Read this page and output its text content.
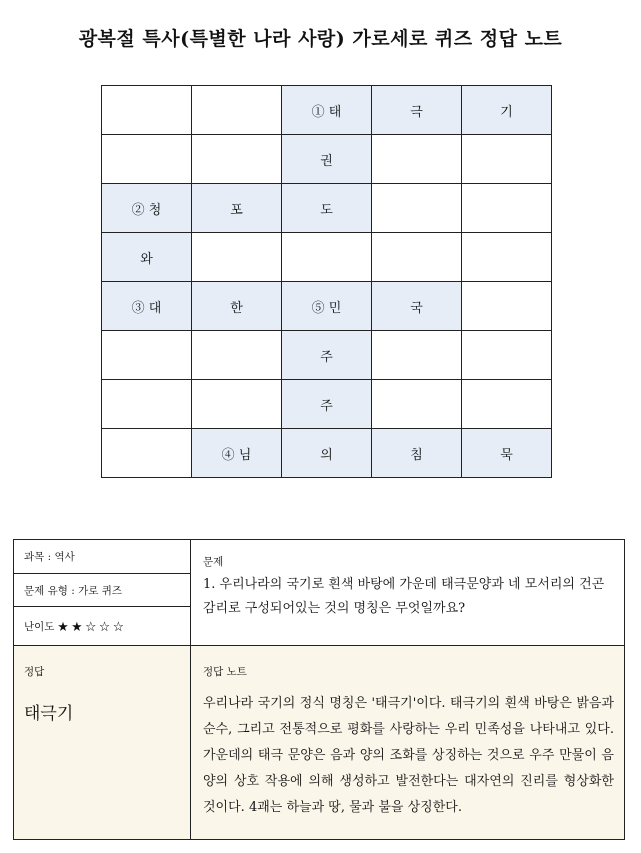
광복절 특사(특별한 나라 사랑) 가로세로 퀴즈 정답 노트
		① 태	극	기
		권		
② 청	포	도		
와				
③ 대	한	⑤ 민	국	
		주		
		주		
	④ 님	의	침	묵
과목 : 역사
문제 유형 : 가로 퀴즈
난이도 ★ ★ ☆ ☆ ☆
문제
1. 우리나라의 국기로 흰색 바탕에 가운데 태극문양과 네 모서리의 건곤감리로 구성되어있는 것의 명칭은 무엇일까요?
정답
태극기
정답 노트
우리나라 국기의 정식 명칭은 '태극기'이다. 태극기의 흰색 바탕은 밝음과 순수, 그리고 전통적으로 평화를 사랑하는 우리 민족성을 나타내고 있다. 가운데의 태극 문양은 음과 양의 조화를 상징하는 것으로 우주 만물이 음양의 상호 작용에 의해 생성하고 발전한다는 대자연의 진리를 형상화한 것이다. 4괘는 하늘과 땅, 물과 불을 상징한다.
